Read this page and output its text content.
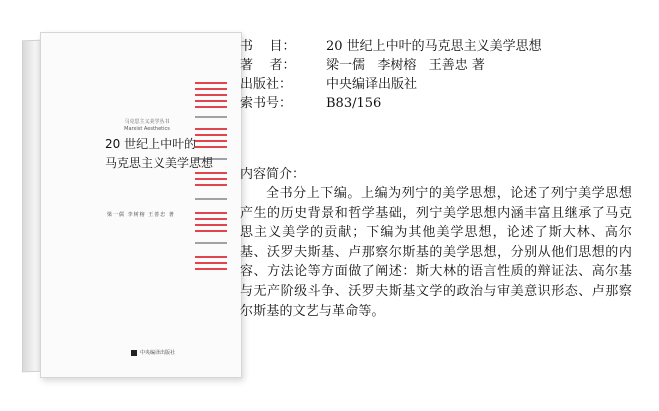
马克思主义美学丛书
Marxist Aesthetics
20 世纪上中叶的
马克思主义美学思想
梁一儒 李树榕 王善忠 著
中央编译出版社
书    目：	20 世纪上中叶的马克思主义美学思想
著    者：	梁一儒   李树榕   王善忠 著
出版社：	中央编译出版社
索书号：	B83/156
内容简介：
全书分上下编。上编为列宁的美学思想，论述了列宁美学思想产生的历史背景和哲学基础，列宁美学思想内涵丰富且继承了马克思主义美学的贡献；下编为其他美学思想，论述了斯大林、高尔基、沃罗夫斯基、卢那察尔斯基的美学思想，分别从他们思想的内容、方法论等方面做了阐述：斯大林的语言性质的辩证法、高尔基与无产阶级斗争、沃罗夫斯基文学的政治与审美意识形态、卢那察尔斯基的文艺与革命等。
